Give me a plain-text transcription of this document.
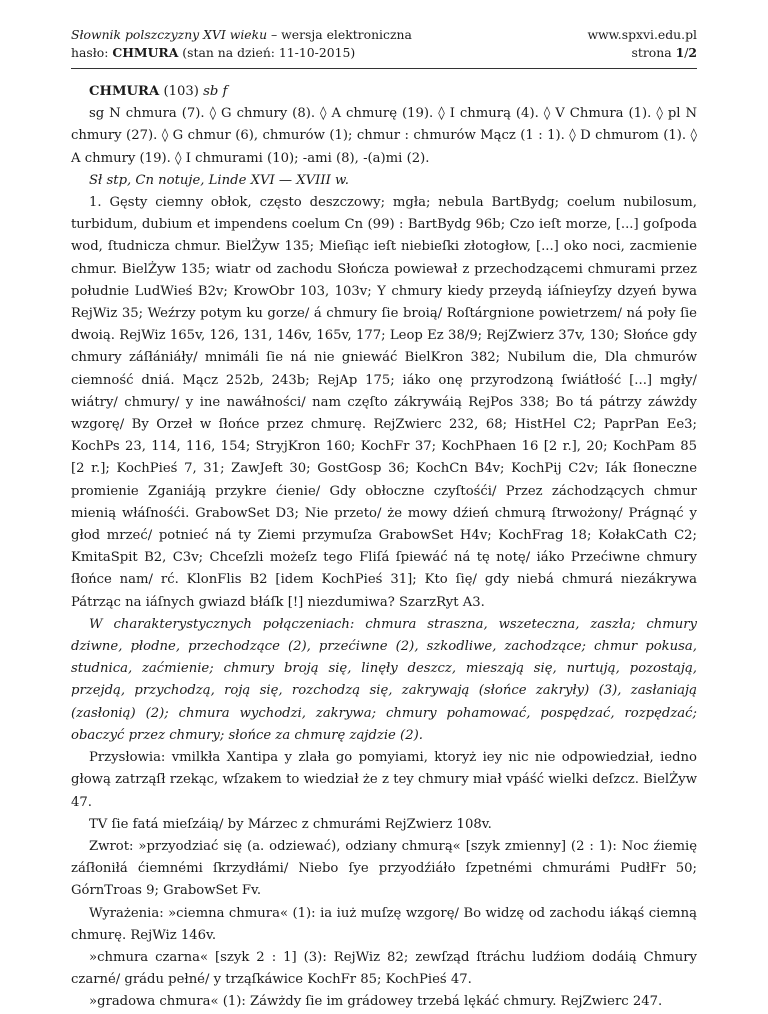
Słownik polszczyzny XVI wieku – wersja elektroniczna
hasło: CHMURA (stan na dzień: 11-10-2015)
www.spxvi.edu.pl
strona 1/2

CHMURA (103) sb f

sg N chmura (7). ◊ G chmury (8). ◊ A chmurę (19). ◊ I chmurą (4). ◊ V Chmura (1). ◊ pl N chmury (27). ◊ G chmur (6), chmurów (1); chmur : chmurów Mącz (1 : 1). ◊ D chmurom (1). ◊ A chmury (19). ◊ I chmurami (10); -ami (8), -(a)mi (2).

Sł stp, Cn notuje, Linde XVI — XVIII w.

1. Gęsty ciemny obłok, często deszczowy; mgła; nebula BartBydg; coelum nubilosum, turbidum, dubium et impendens coelum Cn (99) : BartBydg 96b; Czo ieſt morze, [...] goſpoda wod, ſtudnicza chmur. BielŻyw 135; Mieſiąc ieſt niebieſki złotogłow, [...] oko noci, zacmienie chmur. BielŻyw 135; wiatr od zachodu Słończa powiewał z przechodzącemi chmurami przez południe LudWieś B2v; KrowObr 103, 103v; Y chmury kiedy przeydą iáſnieyſzy dzyeń bywa RejWiz 35; Weźrzy potym ku gorze/ á chmury ſie broią/ Roſtárgnione powietrzem/ ná poły ſie dwoią. RejWiz 165v, 126, 131, 146v, 165v, 177; Leop Ez 38/9; RejZwierz 37v, 130; Słońce gdy chmury záſłániáły/ mnimáli ſie ná nie gniewáć BielKron 382; Nubilum die, Dla chmurów ciemność dniá. Mącz 252b, 243b; RejAp 175; iáko onę przyrodzoną ſwiátłość [...] mgły/ wiátry/ chmury/ y ine nawáłności/ nam częſto zákrywáią RejPos 338; Bo tá pátrzy záwżdy wzgorę/ By Orzeł w ſłońce przez chmurę. RejZwierc 232, 68; HistHel C2; PaprPan Ee3; KochPs 23, 114, 116, 154; StryjKron 160; KochFr 37; KochPhaen 16 [2 r.], 20; KochPam 85 [2 r.]; KochPieś 7, 31; ZawJeft 30; GostGosp 36; KochCn B4v; KochPij C2v; Iák ſłoneczne promienie Zganiáją przykre ćienie/ Gdy obłoczne czyſtośći/ Przez záchodzących chmur mienią włáſnośći. GrabowSet D3; Nie przeto/ że mowy dźień chmurą ſtrwożony/ Prágnąć y głod mrzeć/ potnieć ná ty Ziemi przymuſza GrabowSet H4v; KochFrag 18; KołakCath C2; KmitaSpit B2, C3v; Chceſzli możeſz tego Fliſá ſpiewáć ná tę notę/ iáko Przećiwne chmury ſłońce nam/ rć. KlonFlis B2 [idem KochPieś 31]; Kto ſię/ gdy niebá chmurá niezákrywa Pátrząc na iáſnych gwiazd błáſk [!] niezdumiwa? SzarzRyt A3.

W charakterystycznych połączeniach: chmura straszna, wszeteczna, zaszła; chmury dziwne, płodne, przechodzące (2), przećiwne (2), szkodliwe, zachodzące; chmur pokusa, studnica, zaćmienie; chmury broją się, linęły deszcz, mieszają się, nurtują, pozostają, przejdą, przychodzą, roją się, rozchodzą się, zakrywają (słońce zakryły) (3), zasłaniają (zasłonią) (2); chmura wychodzi, zakrywa; chmury pohamować, pospędzać, rozpędzać; obaczyć przez chmury; słońce za chmurę zajdzie (2).

Przysłowia: vmilkła Xantipa y zlała go pomyiami, ktoryż iey nic nie odpowiedział, iedno głową zatrząſł rzekąc, wſzakem to wiedział że z tey chmury miał vpáść wielki deſzcz. BielŻyw 47.

TV ſie fatá mieſzáią/ by Márzec z chmurámi RejZwierz 108v.

Zwrot: »przyodziać się (a. odziewać), odziany chmurą« [szyk zmienny] (2 : 1): Noc źiemię záſłoniłá ćiemnémi ſkrzydłámi/ Niebo ſye przyodźiáło ſzpetnémi chmurámi PudłFr 50; GórnTroas 9; GrabowSet Fv.

Wyrażenia: »ciemna chmura« (1): ia iuż muſzę wzgorę/ Bo widzę od zachodu iákąś ciemną chmurę. RejWiz 146v.

»chmura czarna« [szyk 2 : 1] (3): RejWiz 82; zewſząd ſtráchu ludźiom dodáią Chmury czarné/ grádu pełné/ y trząſkáwice KochFr 85; KochPieś 47.

»gradowa chmura« (1): Záwżdy ſie im grádowey trzebá lękáć chmury. RejZwierc 247.
